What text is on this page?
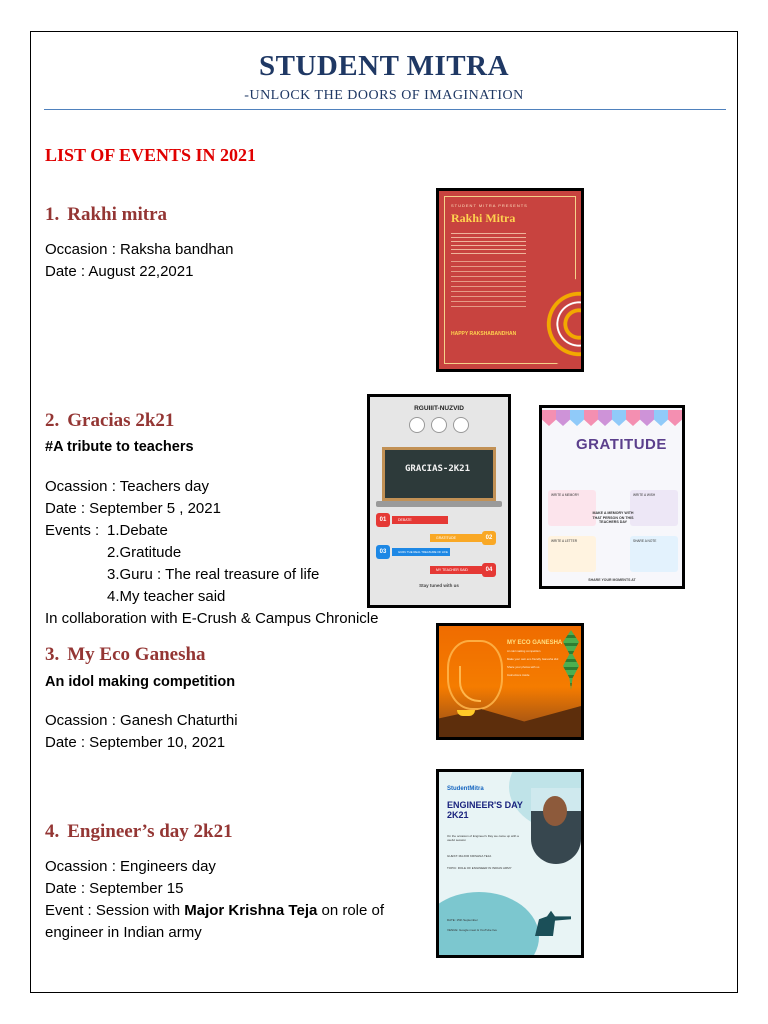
STUDENT MITRA
-UNLOCK THE DOORS OF IMAGINATION
LIST OF EVENTS IN 2021
1. Rakhi mitra
Occasion : Raksha bandhan
Date : August 22,2021
2. Gracias 2k21
#A tribute to teachers
Ocassion : Teachers day
Date : September 5 , 2021
Events : 1.Debate
2.Gratitude
3.Guru : The real treasure of life
4.My teacher said
In collaboration with E-Crush & Campus Chronicle
3. My Eco Ganesha
An idol making competition
Ocassion : Ganesh Chaturthi
Date : September 10, 2021
4. Engineer’s day 2k21
Ocassion : Engineers day
Date : September 15
Event : Session with Major Krishna Teja on role of
engineer in Indian army
STUDENT MITRA PRESENTS
Rakhi Mitra
HAPPY RAKSHABANDHAN
RGUIIIT-NUZVID
GRACIAS-2K21
01	DEBATE
GRATITUDE	02
03	GURU THE REAL TREASURE OF LIFE
MY TEACHER SAID	04
Stay tuned with us
GRATITUDE
WRITE A MEMORY	WRITE A WISH
WRITE A LETTER	SHARE A NOTE
MAKE A MEMORY WITH THAT PERSON ON THIS TEACHERS DAY
SHARE YOUR MOMENTS AT
MY ECO GANESHA
An idol making competition
Make your own eco friendly Ganesha idol
Share your photos with us
Instructions inside
StudentMitra
ENGINEER'S DAY 2K21
On the occasion of Engineer's Day we came up with a useful session
GUEST: MAJOR KRISHNA TEJA
TOPIC: ROLE OF ENGINEER IN INDIAN ARMY
DATE: 15th September
VENUE: Google meet & YouTube live
